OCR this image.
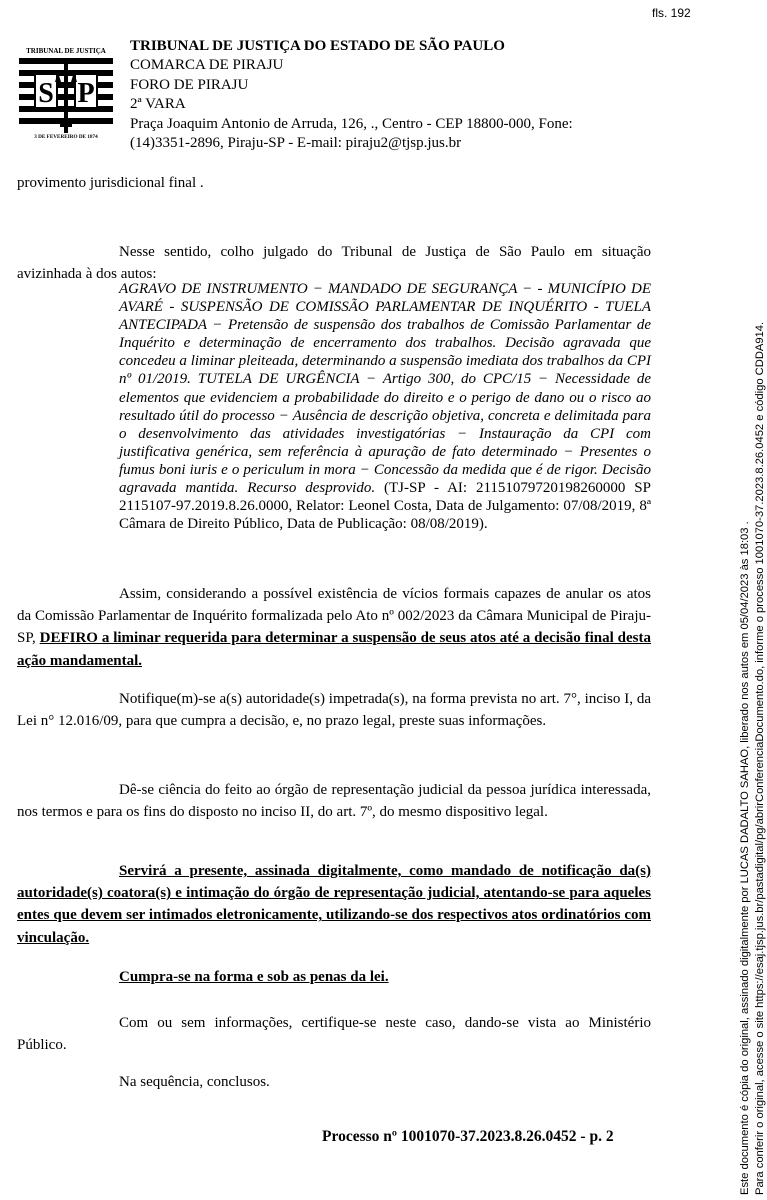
fls. 192
S P
TRIBUNAL DE JUSTIÇA
3 DE FEVEREIRO DE 1874
TRIBUNAL DE JUSTIÇA DO ESTADO DE SÃO PAULO
COMARCA DE PIRAJU
FORO DE PIRAJU
2ª VARA
Praça Joaquim Antonio de Arruda, 126, ., Centro - CEP 18800-000, Fone:
(14)3351-2896, Piraju-SP - E-mail: piraju2@tjsp.jus.br

provimento jurisdicional final .

Nesse sentido, colho julgado do Tribunal de Justiça de São Paulo em situação avizinhada à dos autos:

AGRAVO DE INSTRUMENTO − MANDADO DE SEGURANÇA − - MUNICÍPIO DE AVARÉ - SUSPENSÃO DE COMISSÃO PARLAMENTAR DE INQUÉRITO - TUELA ANTECIPADA − Pretensão de suspensão dos trabalhos de Comissão Parlamentar de Inquérito e determinação de encerramento dos trabalhos. Decisão agravada que concedeu a liminar pleiteada, determinando a suspensão imediata dos trabalhos da CPI nº 01/2019. TUTELA DE URGÊNCIA − Artigo 300, do CPC/15 − Necessidade de elementos que evidenciem a probabilidade do direito e o perigo de dano ou o risco ao resultado útil do processo − Ausência de descrição objetiva, concreta e delimitada para o desenvolvimento das atividades investigatórias − Instauração da CPI com justificativa genérica, sem referência à apuração de fato determinado − Presentes o fumus boni iuris e o periculum in mora − Concessão da medida que é de rigor. Decisão agravada mantida. Recurso desprovido. (TJ-SP - AI: 21151079720198260000 SP 2115107-97.2019.8.26.0000, Relator: Leonel Costa, Data de Julgamento: 07/08/2019, 8ª Câmara de Direito Público, Data de Publicação: 08/08/2019).

Assim, considerando a possível existência de vícios formais capazes de anular os atos da Comissão Parlamentar de Inquérito formalizada pelo Ato nº 002/2023 da Câmara Municipal de Piraju-SP, DEFIRO a liminar requerida para determinar a suspensão de seus atos até a decisão final desta ação mandamental.

Notifique(m)-se a(s) autoridade(s) impetrada(s), na forma prevista no art. 7°, inciso I, da Lei n° 12.016/09, para que cumpra a decisão, e, no prazo legal, preste suas informações.

Dê-se ciência do feito ao órgão de representação judicial da pessoa jurídica interessada, nos termos e para os fins do disposto no inciso II, do art. 7º, do mesmo dispositivo legal.

Servirá a presente, assinada digitalmente, como mandado de notificação da(s) autoridade(s) coatora(s) e intimação do órgão de representação judicial, atentando-se para aqueles entes que devem ser intimados eletronicamente, utilizando-se dos respectivos atos ordinatórios com vinculação.

Cumpra-se na forma e sob as penas da lei.

Com ou sem informações, certifique-se neste caso, dando-se vista ao Ministério Público.

Na sequência, conclusos.

Processo nº 1001070-37.2023.8.26.0452 - p. 2	Este documento é cópia do original, assinado digitalmente por LUCAS DADALTO SAHAO, liberado nos autos em 05/04/2023 às 18:03 . Para conferir o original, acesse o site https://esaj.tjsp.jus.br/pastadigital/pg/abrirConferenciaDocumento.do, informe o processo 1001070-37.2023.8.26.0452 e código CDDA914.
